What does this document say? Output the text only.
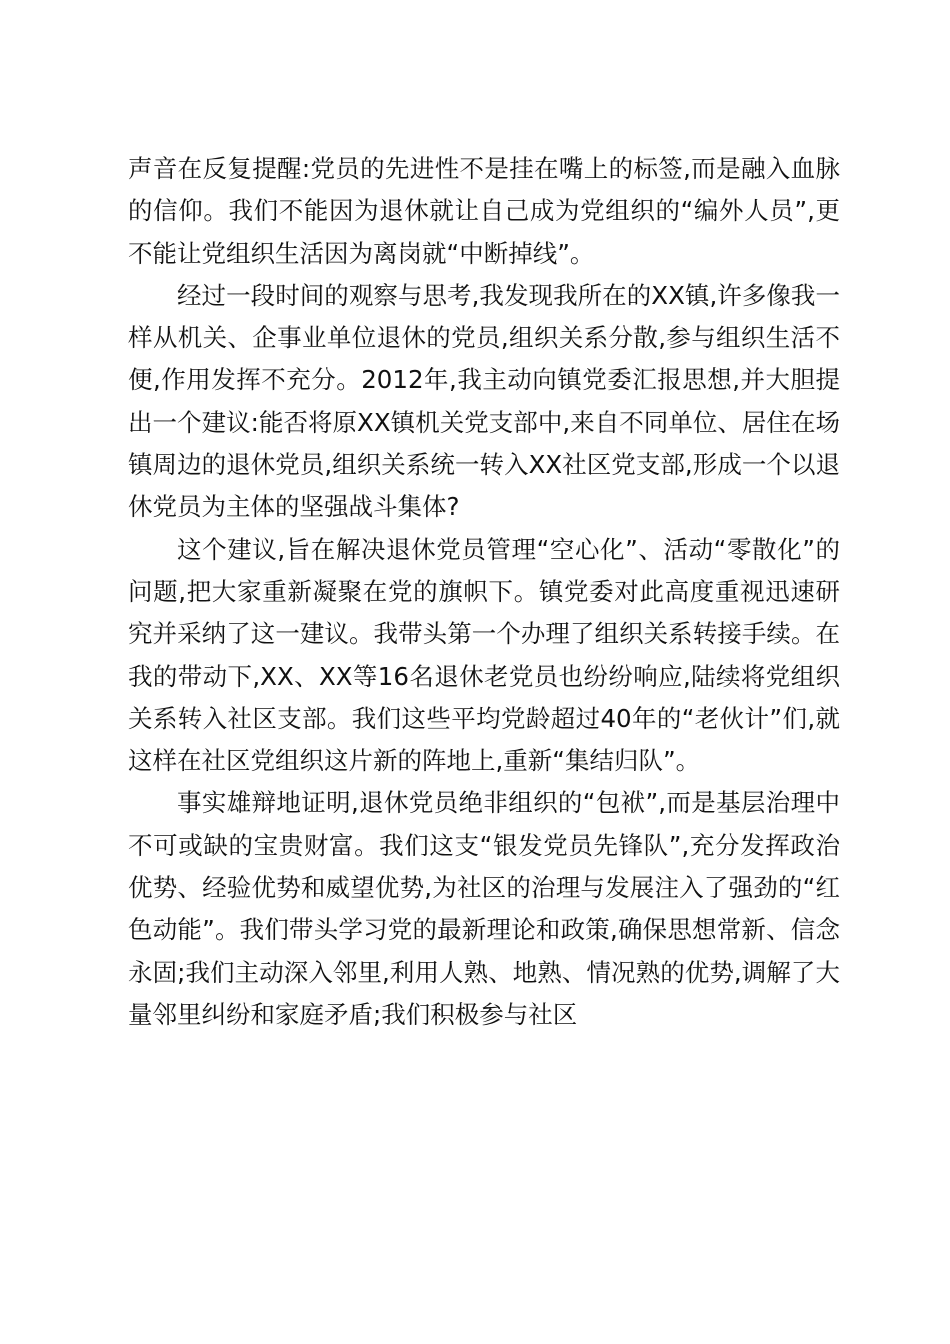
声音在反复提醒:党员的先进性不是挂在嘴上的标签,而是融入血脉的信仰。我们不能因为退休就让自己成为党组织的“编外人员”,更不能让党组织生活因为离岗就“中断掉线”。

经过一段时间的观察与思考,我发现我所在的XX镇,许多像我一样从机关、企事业单位退休的党员,组织关系分散,参与组织生活不便,作用发挥不充分。2012年,我主动向镇党委汇报思想,并大胆提出一个建议:能否将原XX镇机关党支部中,来自不同单位、居住在场镇周边的退休党员,组织关系统一转入XX社区党支部,形成一个以退休党员为主体的坚强战斗集体?

这个建议,旨在解决退休党员管理“空心化”、活动“零散化”的问题,把大家重新凝聚在党的旗帜下。镇党委对此高度重视迅速研究并采纳了这一建议。我带头第一个办理了组织关系转接手续。在我的带动下,XX、XX等16名退休老党员也纷纷响应,陆续将党组织关系转入社区支部。我们这些平均党龄超过40年的“老伙计”们,就这样在社区党组织这片新的阵地上,重新“集结归队”。

事实雄辩地证明,退休党员绝非组织的“包袱”,而是基层治理中不可或缺的宝贵财富。我们这支“银发党员先锋队”,充分发挥政治优势、经验优势和威望优势,为社区的治理与发展注入了强劲的“红色动能”。我们带头学习党的最新理论和政策,确保思想常新、信念永固;我们主动深入邻里,利用人熟、地熟、情况熟的优势,调解了大量邻里纠纷和家庭矛盾;我们积极参与社区
